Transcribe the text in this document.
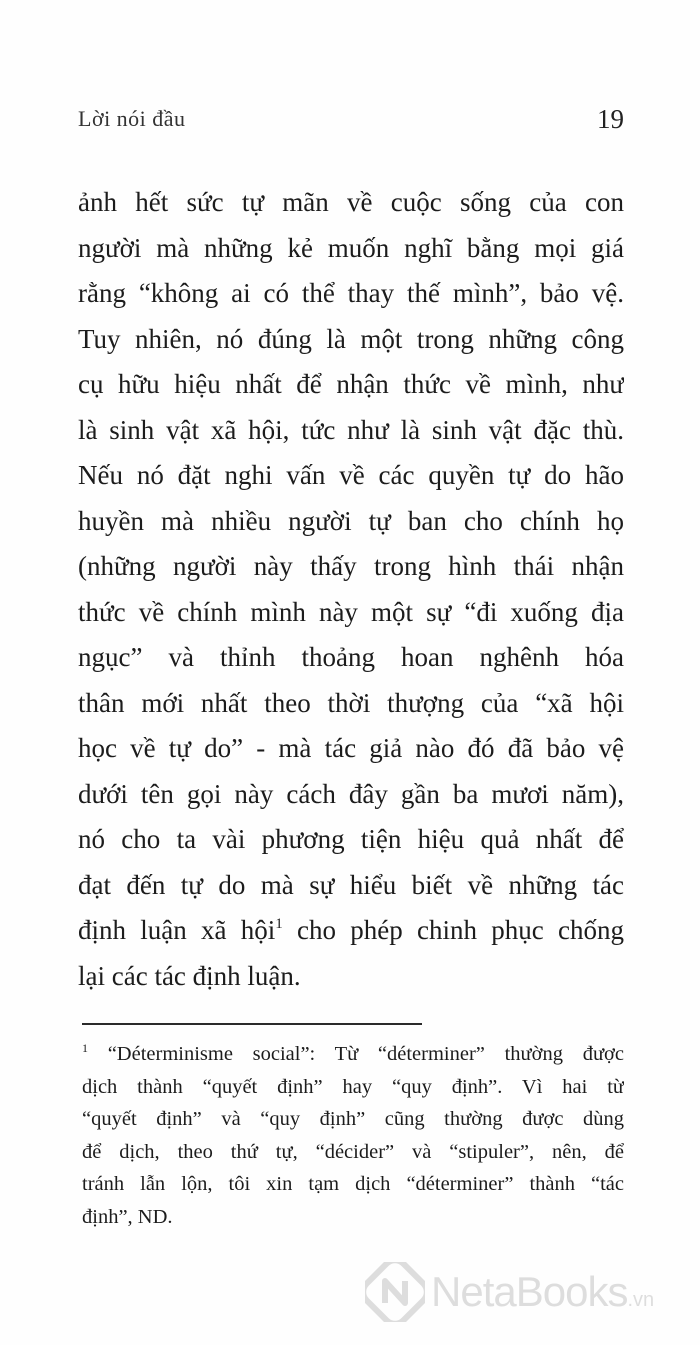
Lời nói đầu	19
ảnh hết sức tự mãn về cuộc sống của con
người mà những kẻ muốn nghĩ bằng mọi giá
rằng “không ai có thể thay thế mình”, bảo vệ.
Tuy nhiên, nó đúng là một trong những công
cụ hữu hiệu nhất để nhận thức về mình, như
là sinh vật xã hội, tức như là sinh vật đặc thù.
Nếu nó đặt nghi vấn về các quyền tự do hão
huyền mà nhiều người tự ban cho chính họ
(những người này thấy trong hình thái nhận
thức về chính mình này một sự “đi xuống địa
ngục” và thỉnh thoảng hoan nghênh hóa
thân mới nhất theo thời thượng của “xã hội
học về tự do” - mà tác giả nào đó đã bảo vệ
dưới tên gọi này cách đây gần ba mươi năm),
nó cho ta vài phương tiện hiệu quả nhất để
đạt đến tự do mà sự hiểu biết về những tác
định luận xã hội$^1$ cho phép chinh phục chống
lại các tác định luận.
$^1$ “Déterminisme social”: Từ “déterminer” thường được
dịch thành “quyết định” hay “quy định”. Vì hai từ
“quyết định” và “quy định” cũng thường được dùng
để dịch, theo thứ tự, “décider” và “stipuler”, nên, để
tránh lẫn lộn, tôi xin tạm dịch “déterminer” thành “tác
định”, ND.
NetaBooks.vn
